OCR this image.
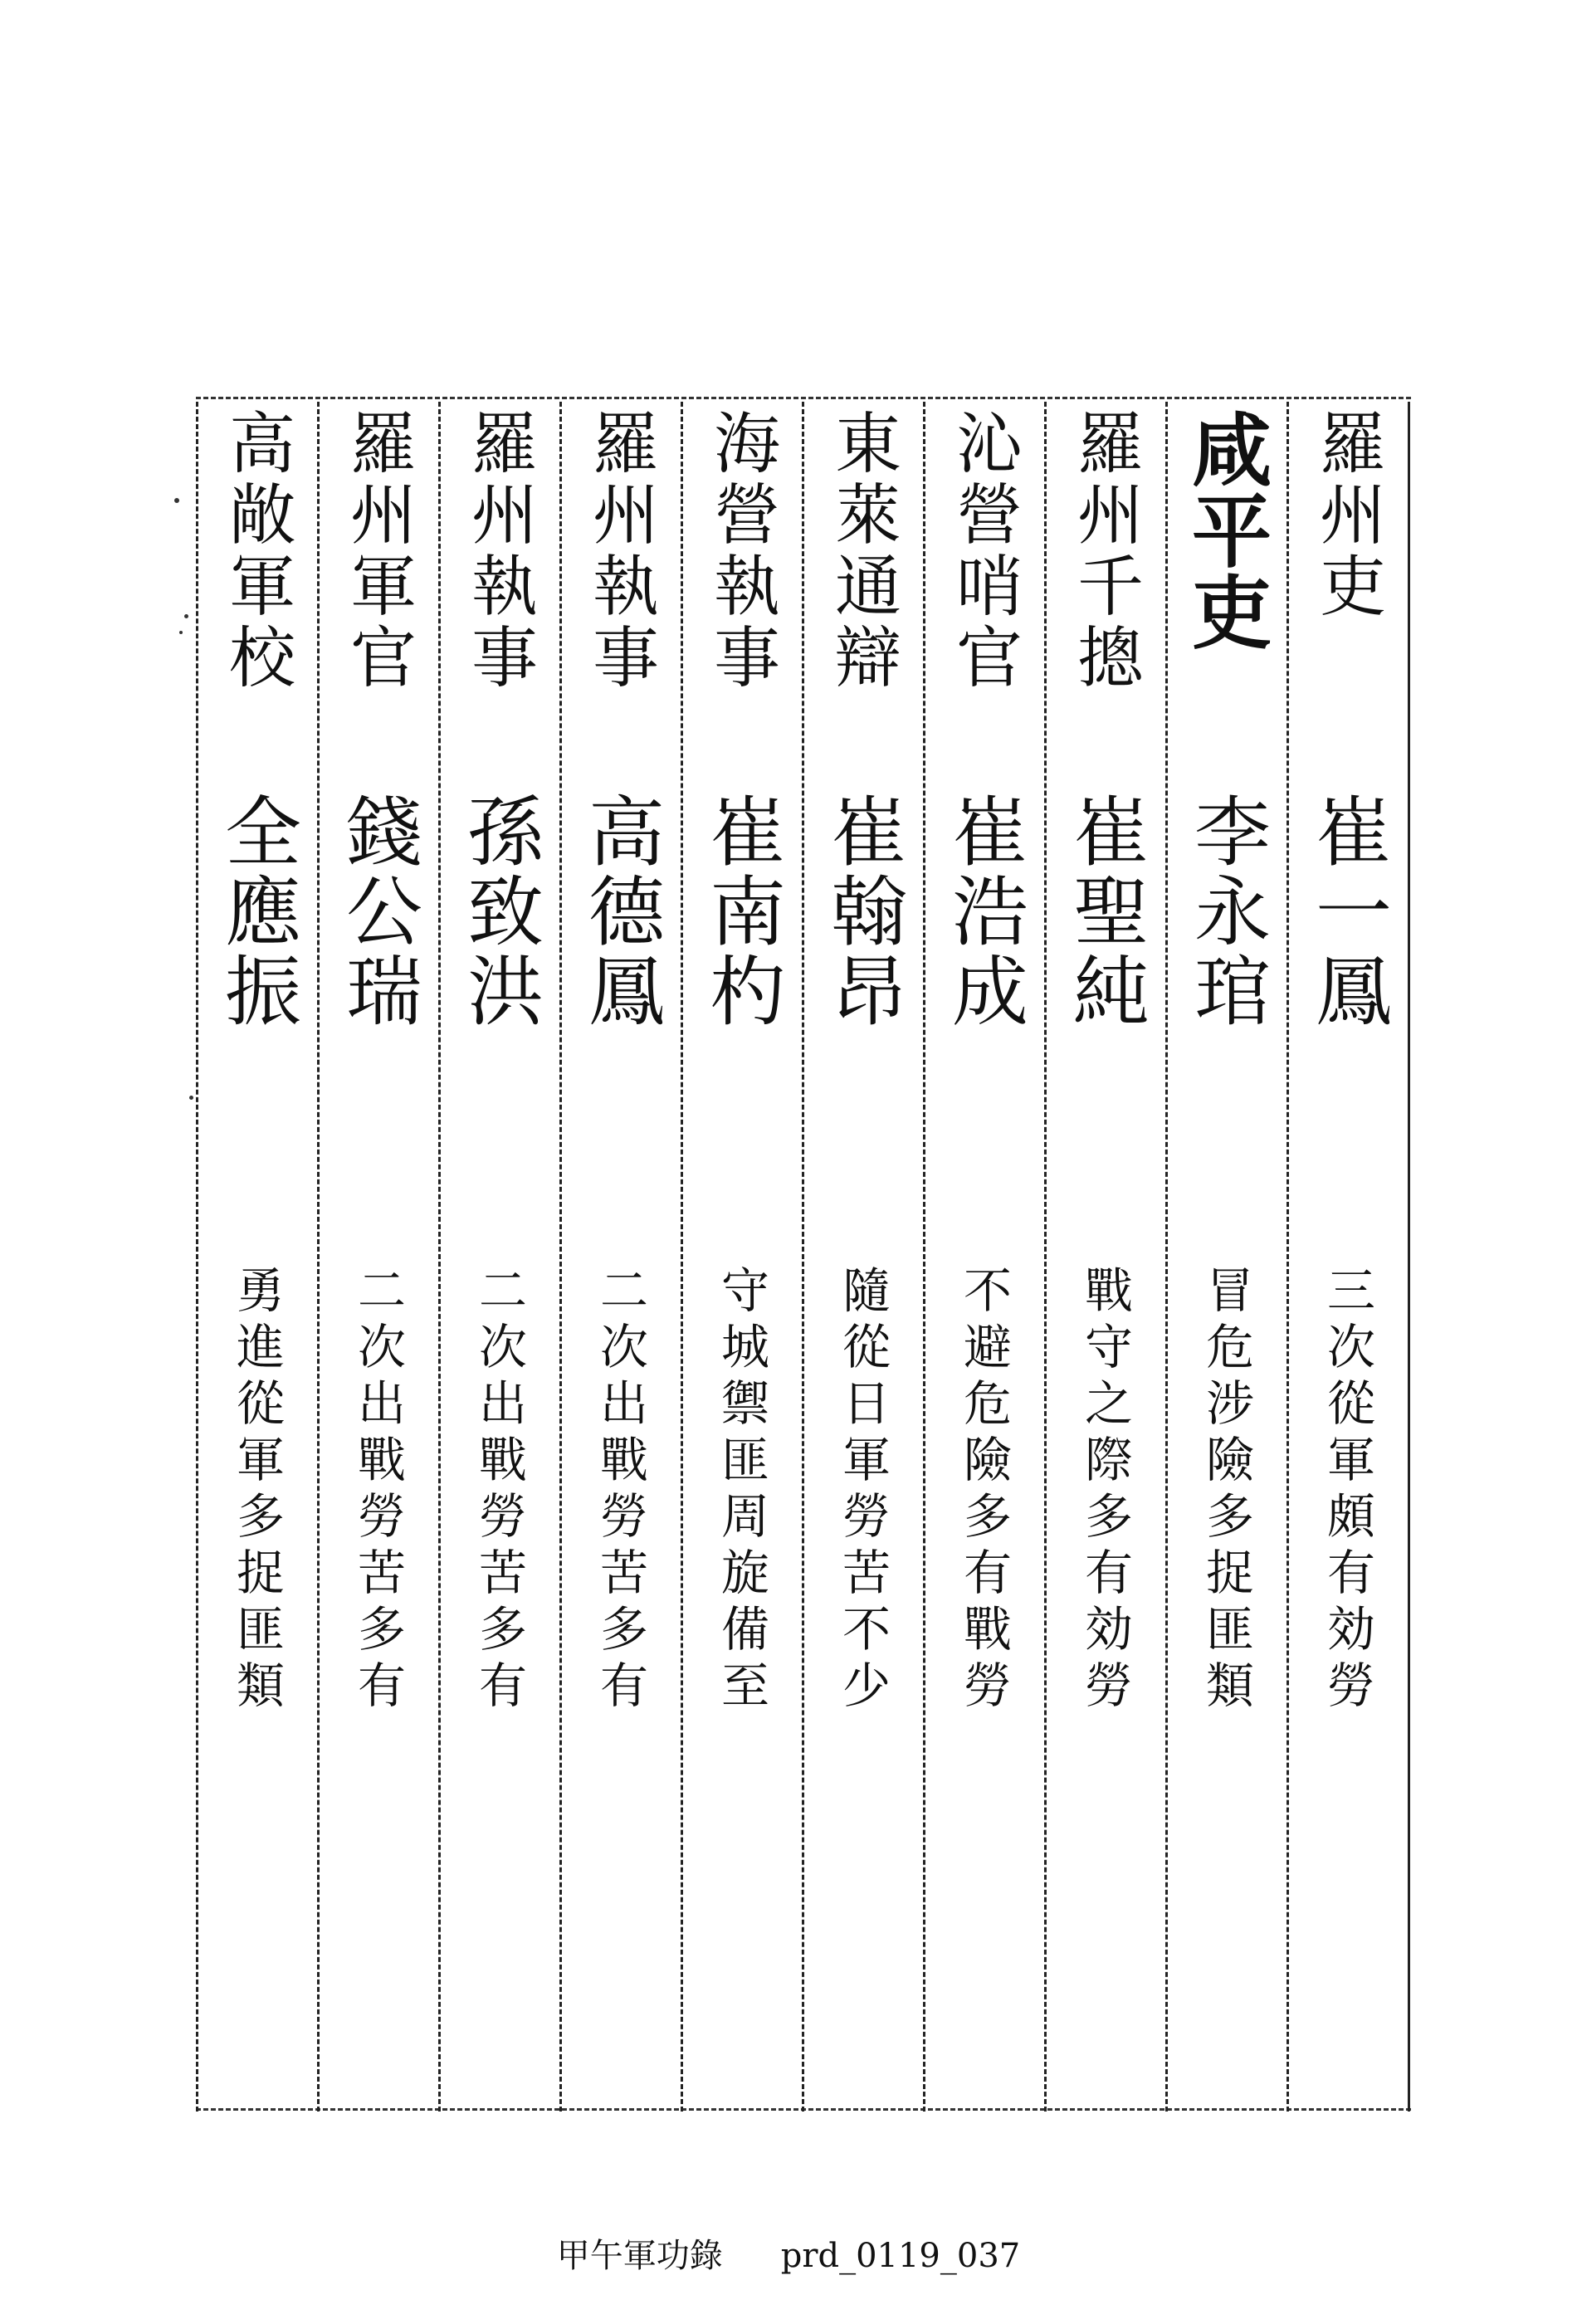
羅州吏
崔一鳳
三次從軍頗有効勞
咸平吏
李永琯
冒危涉險多捉匪類
羅州千摠
崔聖純
戰守之際多有効勞
沁營哨官
崔浩成
不避危險多有戰勞
東萊通辯
崔翰昂
隨從日軍勞苦不少
海營執事
崔南杓
守城禦匪周旋備至
羅州執事
高德鳳
二次出戰勞苦多有
羅州執事
孫致洪
二次出戰勞苦多有
羅州軍官
錢公瑞
二次出戰勞苦多有
高敞軍校
全應振
勇進從軍多捉匪類
甲午軍功錄 prd_0119_037
